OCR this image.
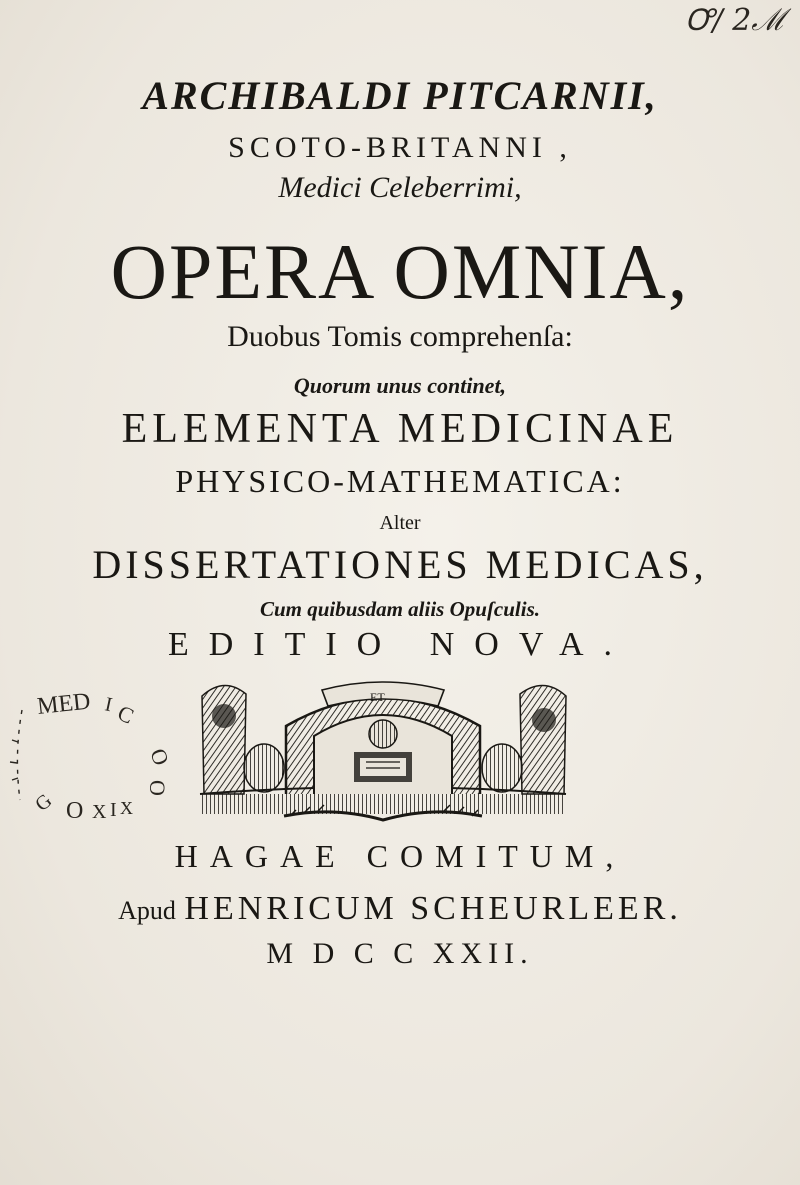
Ꝍ/ 2ℳ
ARCHIBALDI PITCARNII,
SCOTO-BRITANNI ,
Medici Celeberrimi,
OPERA OMNIA,
Duobus Tomis comprehenſa:
Quorum unus continet,
ELEMENTA MEDICINAE
PHYSICO-MATHEMATICA:
Alter
DISSERTATIONES MEDICAS,
Cum quibusdam aliis Opuſculis.
EDITIO NOVA.
MED I C
O
O
O X I X
G
ET
HAGAE COMITUM,
Apud HENRICUM SCHEURLEER.
M D C C XXII.
